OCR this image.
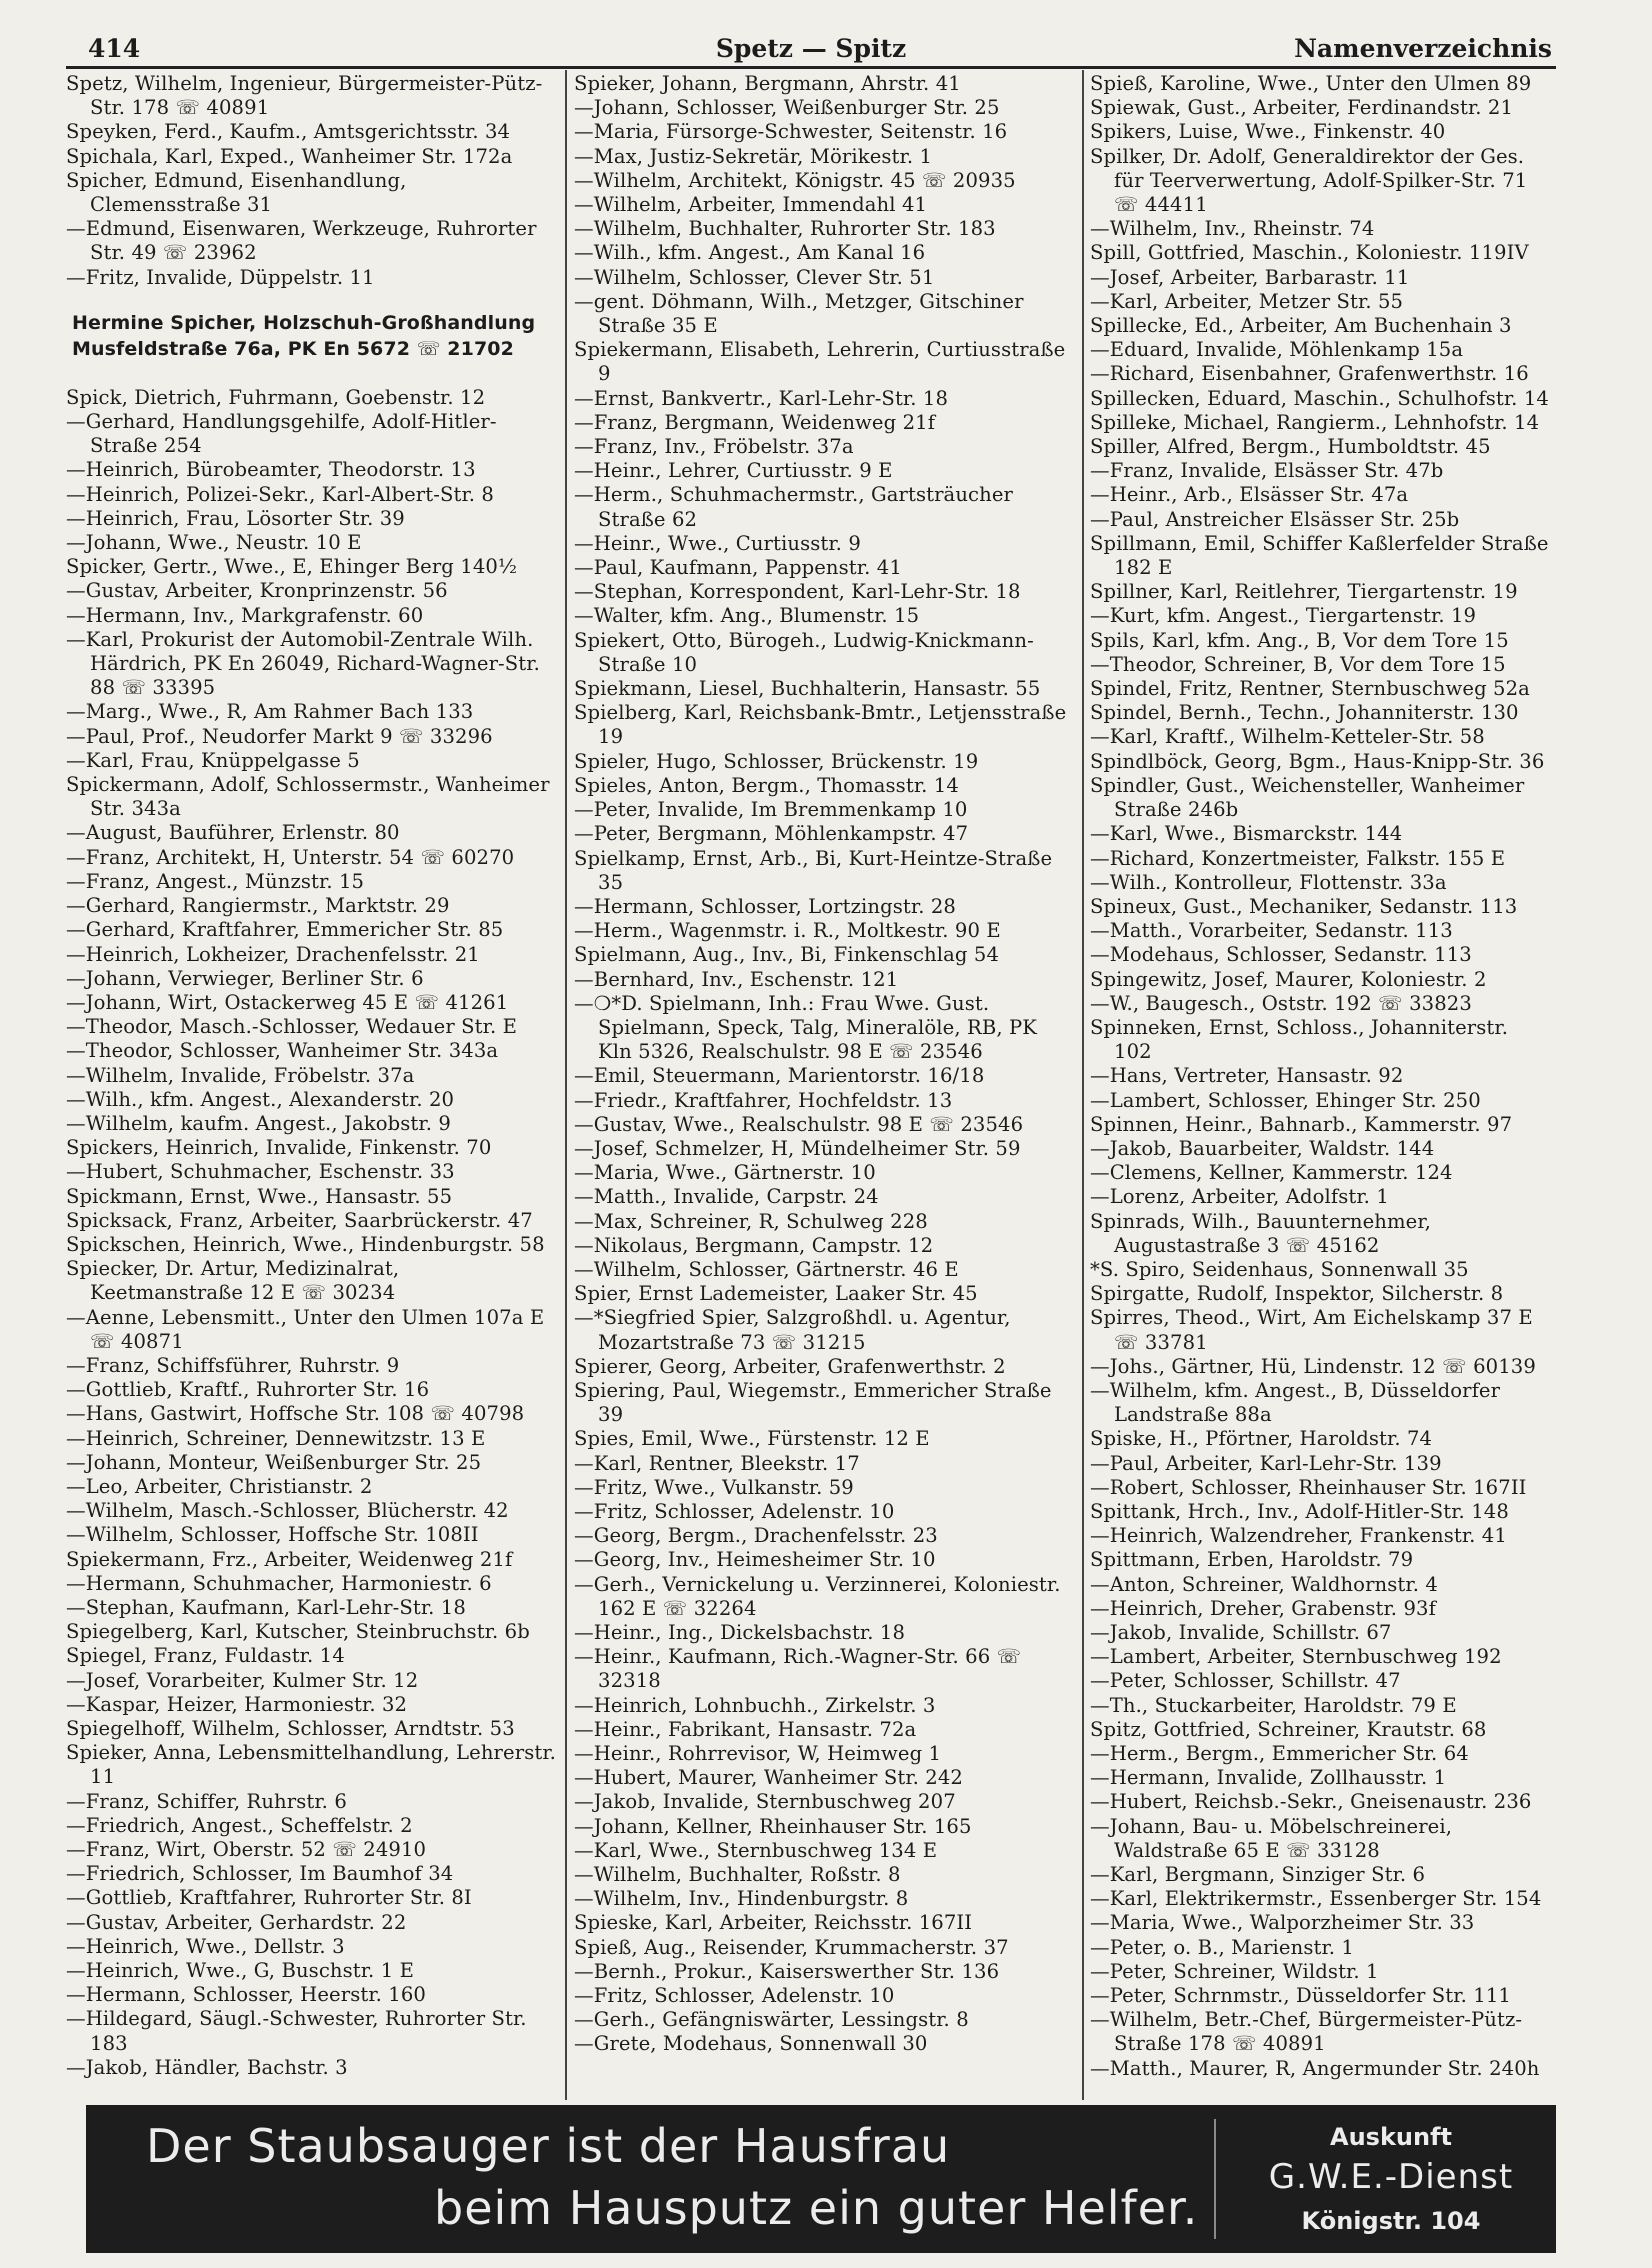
414	Spetz — Spitz	Namenverzeichnis
Spetz, Wilhelm, Ingenieur, Bürgermeister-Pütz-Str. 178 ☏ 40891
Speyken, Ferd., Kaufm., Amtsgerichtsstr. 34
Spichala, Karl, Exped., Wanheimer Str. 172a
Spicher, Edmund, Eisenhandlung, Clemensstraße 31
—Edmund, Eisenwaren, Werkzeuge, Ruhrorter Str. 49 ☏ 23962
—Fritz, Invalide, Düppelstr. 11
Hermine Spicher, Holzschuh-Großhandlung
Musfeldstraße 76a, PK En 5672 ☏ 21702
Spick, Dietrich, Fuhrmann, Goebenstr. 12
—Gerhard, Handlungsgehilfe, Adolf-Hitler-Straße 254
—Heinrich, Bürobeamter, Theodorstr. 13
—Heinrich, Polizei-Sekr., Karl-Albert-Str. 8
—Heinrich, Frau, Lösorter Str. 39
—Johann, Wwe., Neustr. 10 E
Spicker, Gertr., Wwe., E, Ehinger Berg 140½
—Gustav, Arbeiter, Kronprinzenstr. 56
—Hermann, Inv., Markgrafenstr. 60
—Karl, Prokurist der Automobil-Zentrale Wilh. Härdrich, PK En 26049, Richard-Wagner-Str. 88 ☏ 33395
—Marg., Wwe., R, Am Rahmer Bach 133
—Paul, Prof., Neudorfer Markt 9 ☏ 33296
—Karl, Frau, Knüppelgasse 5
Spickermann, Adolf, Schlossermstr., Wanheimer Str. 343a
—August, Bauführer, Erlenstr. 80
—Franz, Architekt, H, Unterstr. 54 ☏ 60270
—Franz, Angest., Münzstr. 15
—Gerhard, Rangiermstr., Marktstr. 29
—Gerhard, Kraftfahrer, Emmericher Str. 85
—Heinrich, Lokheizer, Drachenfelsstr. 21
—Johann, Verwieger, Berliner Str. 6
—Johann, Wirt, Ostackerweg 45 E ☏ 41261
—Theodor, Masch.-Schlosser, Wedauer Str. E
—Theodor, Schlosser, Wanheimer Str. 343a
—Wilhelm, Invalide, Fröbelstr. 37a
—Wilh., kfm. Angest., Alexanderstr. 20
—Wilhelm, kaufm. Angest., Jakobstr. 9
Spickers, Heinrich, Invalide, Finkenstr. 70
—Hubert, Schuhmacher, Eschenstr. 33
Spickmann, Ernst, Wwe., Hansastr. 55
Spicksack, Franz, Arbeiter, Saarbrückerstr. 47
Spickschen, Heinrich, Wwe., Hindenburgstr. 58
Spiecker, Dr. Artur, Medizinalrat, Keetmanstraße 12 E ☏ 30234
—Aenne, Lebensmitt., Unter den Ulmen 107a E ☏ 40871
—Franz, Schiffsführer, Ruhrstr. 9
—Gottlieb, Kraftf., Ruhrorter Str. 16
—Hans, Gastwirt, Hoffsche Str. 108 ☏ 40798
—Heinrich, Schreiner, Dennewitzstr. 13 E
—Johann, Monteur, Weißenburger Str. 25
—Leo, Arbeiter, Christianstr. 2
—Wilhelm, Masch.-Schlosser, Blücherstr. 42
—Wilhelm, Schlosser, Hoffsche Str. 108II
Spiekermann, Frz., Arbeiter, Weidenweg 21f
—Hermann, Schuhmacher, Harmoniestr. 6
—Stephan, Kaufmann, Karl-Lehr-Str. 18
Spiegelberg, Karl, Kutscher, Steinbruchstr. 6b
Spiegel, Franz, Fuldastr. 14
—Josef, Vorarbeiter, Kulmer Str. 12
—Kaspar, Heizer, Harmoniestr. 32
Spiegelhoff, Wilhelm, Schlosser, Arndtstr. 53
Spieker, Anna, Lebensmittelhandlung, Lehrerstr. 11
—Franz, Schiffer, Ruhrstr. 6
—Friedrich, Angest., Scheffelstr. 2
—Franz, Wirt, Oberstr. 52 ☏ 24910
—Friedrich, Schlosser, Im Baumhof 34
—Gottlieb, Kraftfahrer, Ruhrorter Str. 8I
—Gustav, Arbeiter, Gerhardstr. 22
—Heinrich, Wwe., Dellstr. 3
—Heinrich, Wwe., G, Buschstr. 1 E
—Hermann, Schlosser, Heerstr. 160
—Hildegard, Säugl.-Schwester, Ruhrorter Str. 183
—Jakob, Händler, Bachstr. 3
Spieker, Johann, Bergmann, Ahrstr. 41
—Johann, Schlosser, Weißenburger Str. 25
—Maria, Fürsorge-Schwester, Seitenstr. 16
—Max, Justiz-Sekretär, Mörikestr. 1
—Wilhelm, Architekt, Königstr. 45 ☏ 20935
—Wilhelm, Arbeiter, Immendahl 41
—Wilhelm, Buchhalter, Ruhrorter Str. 183
—Wilh., kfm. Angest., Am Kanal 16
—Wilhelm, Schlosser, Clever Str. 51
—gent. Döhmann, Wilh., Metzger, Gitschiner Straße 35 E
Spiekermann, Elisabeth, Lehrerin, Curtiusstraße 9
—Ernst, Bankvertr., Karl-Lehr-Str. 18
—Franz, Bergmann, Weidenweg 21f
—Franz, Inv., Fröbelstr. 37a
—Heinr., Lehrer, Curtiusstr. 9 E
—Herm., Schuhmachermstr., Gartsträucher Straße 62
—Heinr., Wwe., Curtiusstr. 9
—Paul, Kaufmann, Pappenstr. 41
—Stephan, Korrespondent, Karl-Lehr-Str. 18
—Walter, kfm. Ang., Blumenstr. 15
Spiekert, Otto, Bürogeh., Ludwig-Knickmann-Straße 10
Spiekmann, Liesel, Buchhalterin, Hansastr. 55
Spielberg, Karl, Reichsbank-Bmtr., Letjensstraße 19
Spieler, Hugo, Schlosser, Brückenstr. 19
Spieles, Anton, Bergm., Thomasstr. 14
—Peter, Invalide, Im Bremmenkamp 10
—Peter, Bergmann, Möhlenkampstr. 47
Spielkamp, Ernst, Arb., Bi, Kurt-Heintze-Straße 35
—Hermann, Schlosser, Lortzingstr. 28
—Herm., Wagenmstr. i. R., Moltkestr. 90 E
Spielmann, Aug., Inv., Bi, Finkenschlag 54
—Bernhard, Inv., Eschenstr. 121
—❍*D. Spielmann, Inh.: Frau Wwe. Gust. Spielmann, Speck, Talg, Mineralöle, RB, PK Kln 5326, Realschulstr. 98 E ☏ 23546
—Emil, Steuermann, Marientorstr. 16/18
—Friedr., Kraftfahrer, Hochfeldstr. 13
—Gustav, Wwe., Realschulstr. 98 E ☏ 23546
—Josef, Schmelzer, H, Mündelheimer Str. 59
—Maria, Wwe., Gärtnerstr. 10
—Matth., Invalide, Carpstr. 24
—Max, Schreiner, R, Schulweg 228
—Nikolaus, Bergmann, Campstr. 12
—Wilhelm, Schlosser, Gärtnerstr. 46 E
Spier, Ernst Lademeister, Laaker Str. 45
—*Siegfried Spier, Salzgroßhdl. u. Agentur, Mozartstraße 73 ☏ 31215
Spierer, Georg, Arbeiter, Grafenwerthstr. 2
Spiering, Paul, Wiegemstr., Emmericher Straße 39
Spies, Emil, Wwe., Fürstenstr. 12 E
—Karl, Rentner, Bleekstr. 17
—Fritz, Wwe., Vulkanstr. 59
—Fritz, Schlosser, Adelenstr. 10
—Georg, Bergm., Drachenfelsstr. 23
—Georg, Inv., Heimesheimer Str. 10
—Gerh., Vernickelung u. Verzinnerei, Koloniestr. 162 E ☏ 32264
—Heinr., Ing., Dickelsbachstr. 18
—Heinr., Kaufmann, Rich.-Wagner-Str. 66 ☏ 32318
—Heinrich, Lohnbuchh., Zirkelstr. 3
—Heinr., Fabrikant, Hansastr. 72a
—Heinr., Rohrrevisor, W, Heimweg 1
—Hubert, Maurer, Wanheimer Str. 242
—Jakob, Invalide, Sternbuschweg 207
—Johann, Kellner, Rheinhauser Str. 165
—Karl, Wwe., Sternbuschweg 134 E
—Wilhelm, Buchhalter, Roßstr. 8
—Wilhelm, Inv., Hindenburgstr. 8
Spieske, Karl, Arbeiter, Reichsstr. 167II
Spieß, Aug., Reisender, Krummacherstr. 37
—Bernh., Prokur., Kaiserswerther Str. 136
—Fritz, Schlosser, Adelenstr. 10
—Gerh., Gefängniswärter, Lessingstr. 8
—Grete, Modehaus, Sonnenwall 30
Spieß, Karoline, Wwe., Unter den Ulmen 89
Spiewak, Gust., Arbeiter, Ferdinandstr. 21
Spikers, Luise, Wwe., Finkenstr. 40
Spilker, Dr. Adolf, Generaldirektor der Ges. für Teerverwertung, Adolf-Spilker-Str. 71 ☏ 44411
—Wilhelm, Inv., Rheinstr. 74
Spill, Gottfried, Maschin., Koloniestr. 119IV
—Josef, Arbeiter, Barbarastr. 11
—Karl, Arbeiter, Metzer Str. 55
Spillecke, Ed., Arbeiter, Am Buchenhain 3
—Eduard, Invalide, Möhlenkamp 15a
—Richard, Eisenbahner, Grafenwerthstr. 16
Spillecken, Eduard, Maschin., Schulhofstr. 14
Spilleke, Michael, Rangierm., Lehnhofstr. 14
Spiller, Alfred, Bergm., Humboldtstr. 45
—Franz, Invalide, Elsässer Str. 47b
—Heinr., Arb., Elsässer Str. 47a
—Paul, Anstreicher Elsässer Str. 25b
Spillmann, Emil, Schiffer Kaßlerfelder Straße 182 E
Spillner, Karl, Reitlehrer, Tiergartenstr. 19
—Kurt, kfm. Angest., Tiergartenstr. 19
Spils, Karl, kfm. Ang., B, Vor dem Tore 15
—Theodor, Schreiner, B, Vor dem Tore 15
Spindel, Fritz, Rentner, Sternbuschweg 52a
Spindel, Bernh., Techn., Johanniterstr. 130
—Karl, Kraftf., Wilhelm-Ketteler-Str. 58
Spindlböck, Georg, Bgm., Haus-Knipp-Str. 36
Spindler, Gust., Weichensteller, Wanheimer Straße 246b
—Karl, Wwe., Bismarckstr. 144
—Richard, Konzertmeister, Falkstr. 155 E
—Wilh., Kontrolleur, Flottenstr. 33a
Spineux, Gust., Mechaniker, Sedanstr. 113
—Matth., Vorarbeiter, Sedanstr. 113
—Modehaus, Schlosser, Sedanstr. 113
Spingewitz, Josef, Maurer, Koloniestr. 2
—W., Baugesch., Oststr. 192 ☏ 33823
Spinneken, Ernst, Schloss., Johanniterstr. 102
—Hans, Vertreter, Hansastr. 92
—Lambert, Schlosser, Ehinger Str. 250
Spinnen, Heinr., Bahnarb., Kammerstr. 97
—Jakob, Bauarbeiter, Waldstr. 144
—Clemens, Kellner, Kammerstr. 124
—Lorenz, Arbeiter, Adolfstr. 1
Spinrads, Wilh., Bauunternehmer, Augustastraße 3 ☏ 45162
*S. Spiro, Seidenhaus, Sonnenwall 35
Spirgatte, Rudolf, Inspektor, Silcherstr. 8
Spirres, Theod., Wirt, Am Eichelskamp 37 E ☏ 33781
—Johs., Gärtner, Hü, Lindenstr. 12 ☏ 60139
—Wilhelm, kfm. Angest., B, Düsseldorfer Landstraße 88a
Spiske, H., Pförtner, Haroldstr. 74
—Paul, Arbeiter, Karl-Lehr-Str. 139
—Robert, Schlosser, Rheinhauser Str. 167II
Spittank, Hrch., Inv., Adolf-Hitler-Str. 148
—Heinrich, Walzendreher, Frankenstr. 41
Spittmann, Erben, Haroldstr. 79
—Anton, Schreiner, Waldhornstr. 4
—Heinrich, Dreher, Grabenstr. 93f
—Jakob, Invalide, Schillstr. 67
—Lambert, Arbeiter, Sternbuschweg 192
—Peter, Schlosser, Schillstr. 47
—Th., Stuckarbeiter, Haroldstr. 79 E
Spitz, Gottfried, Schreiner, Krautstr. 68
—Herm., Bergm., Emmericher Str. 64
—Hermann, Invalide, Zollhausstr. 1
—Hubert, Reichsb.-Sekr., Gneisenaustr. 236
—Johann, Bau- u. Möbelschreinerei, Waldstraße 65 E ☏ 33128
—Karl, Bergmann, Sinziger Str. 6
—Karl, Elektrikermstr., Essenberger Str. 154
—Maria, Wwe., Walporzheimer Str. 33
—Peter, o. B., Marienstr. 1
—Peter, Schreiner, Wildstr. 1
—Peter, Schrnmstr., Düsseldorfer Str. 111
—Wilhelm, Betr.-Chef, Bürgermeister-Pütz-Straße 178 ☏ 40891
—Matth., Maurer, R, Angermunder Str. 240h
Der Staubsauger ist der Hausfrau
beim Hausputz ein guter Helfer.
Auskunft
G.W.E.-Dienst
Königstr. 104
